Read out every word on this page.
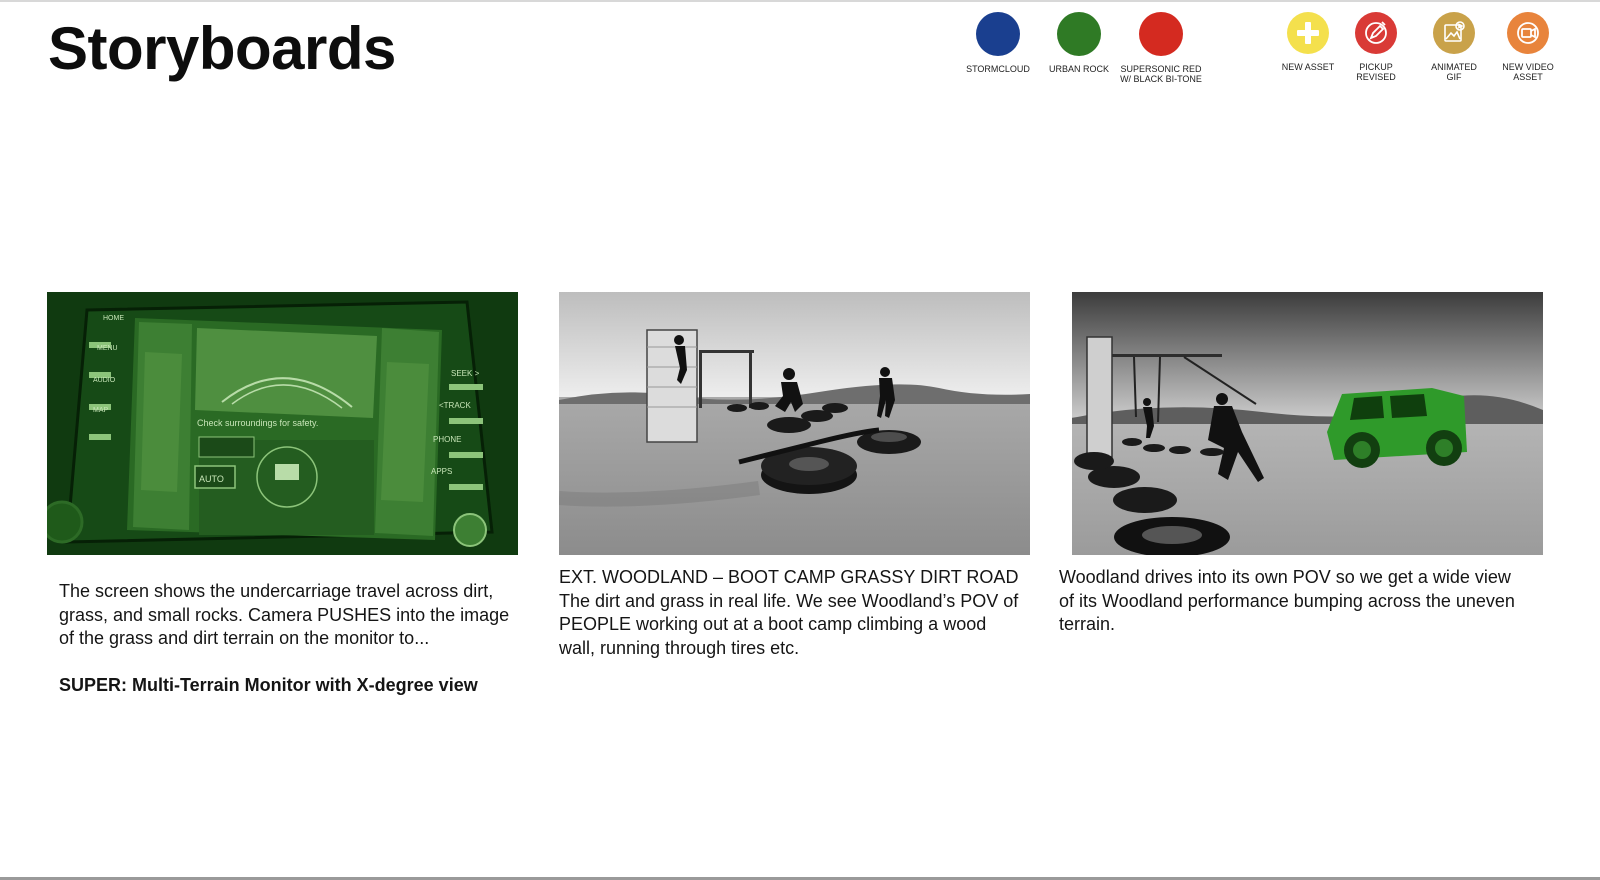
Storyboards	STORMCLOUD URBAN ROCK SUPERSONIC RED
W/ BLACK BI-TONE
NEW ASSET	PICKUP
REVISED
ANIMATED
GIF
NEW VIDEO
ASSET
HOME
MENU
AUDIO
MAP
SEEK >
<TRACK
PHONE
APPS
Check surroundings for safety.
AUTO

The screen shows the undercarriage travel across dirt, grass, and small rocks. Camera PUSHES into the image of the grass and dirt terrain on the monitor to...

SUPER: Multi-Terrain Monitor with X-degree view

EXT. WOODLAND – BOOT CAMP GRASSY DIRT ROAD

The dirt and grass in real life. We see Woodland’s POV of PEOPLE working out at a boot camp climbing a wood wall, running through tires etc.

Woodland drives into its own POV so we get a wide view of its Woodland performance bumping across the uneven terrain.
